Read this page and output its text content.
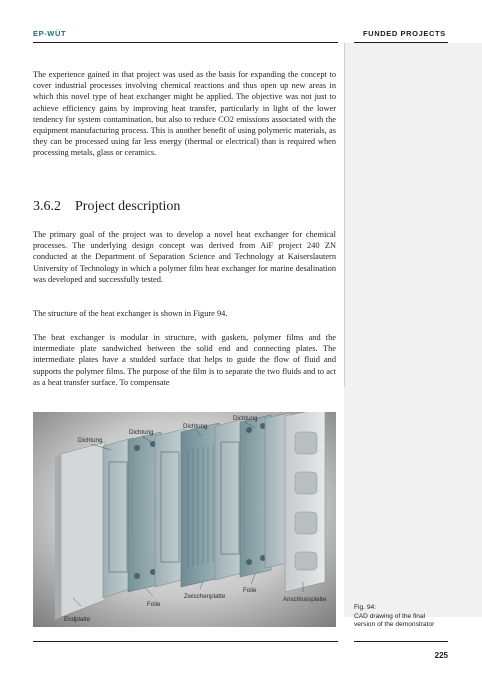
EP-WÜT	FUNDED PROJECTS

The experience gained in that project was used as the basis for expanding the concept to cover industrial processes involving chemical reactions and thus open up new areas in which this novel type of heat exchanger might be applied. The objective was not just to achieve efficiency gains by improving heat transfer, particularly in light of the lower tendency for system contamination, but also to reduce CO2 emissions associated with the equipment manufacturing process. This is another benefit of using polymeric materials, as they can be processed using far less energy (thermal or electrical) than is required when processing metals, glass or ceramics.

3.6.2 Project description

The primary goal of the project was to develop a novel heat exchanger for chemical processes. The underlying design concept was derived from AiF project 240 ZN conducted at the Department of Separation Science and Technology at Kaiserslautern University of Technology in which a polymer film heat exchanger for marine desalination was developed and successfully tested.

The structure of the heat exchanger is shown in Figure 94.

The heat exchanger is modular in structure, with gaskets, polymer films and the intermediate plate sandwiched between the solid end and connecting plates. The intermediate plates have a studded surface that helps to guide the flow of fluid and supports the polymer films. The purpose of the film is to separate the two fluids and to act as a heat transfer surface. To compensate

Dichtung
Dichtung
Dichtung
Dichtung
Endplatte
Folie
Zwischenplatte
Folie
Anschlussplatte
Fig. 94:
CAD drawing of the final
version of the demonstrator
225
